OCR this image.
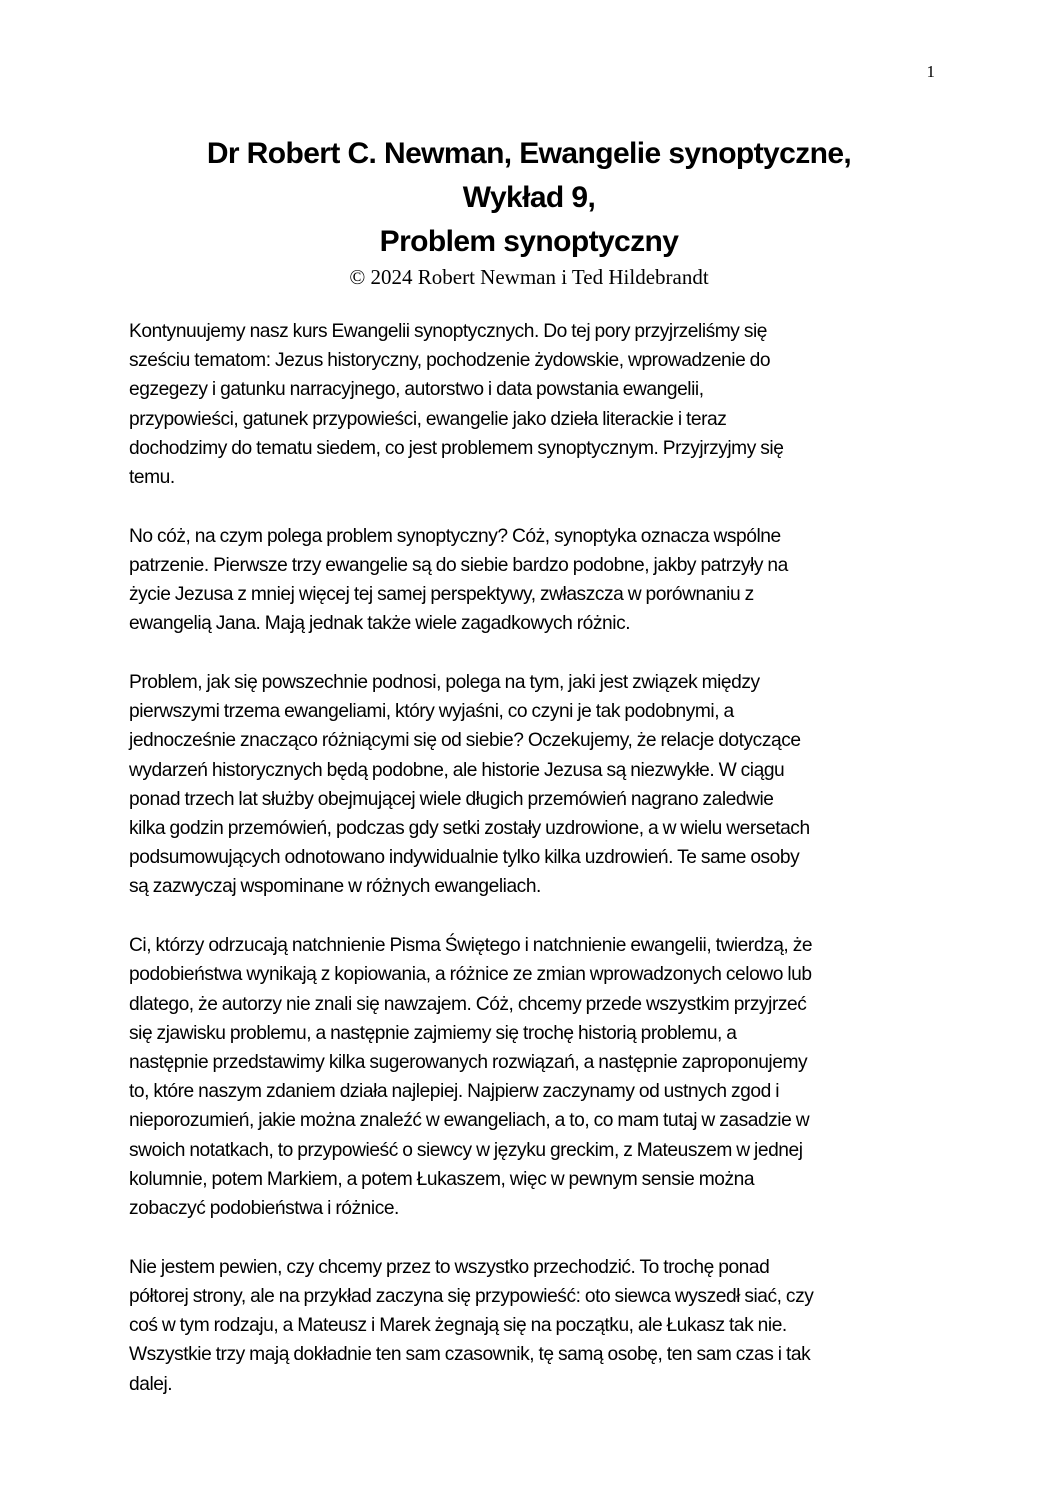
1
Dr Robert C. Newman, Ewangelie synoptyczne,
Wykład 9,
Problem synoptyczny
© 2024 Robert Newman i Ted Hildebrandt

Kontynuujemy nasz kurs Ewangelii synoptycznych. Do tej pory przyjrzeliśmy się
sześciu tematom: Jezus historyczny, pochodzenie żydowskie, wprowadzenie do
egzegezy i gatunku narracyjnego, autorstwo i data powstania ewangelii,
przypowieści, gatunek przypowieści, ewangelie jako dzieła literackie i teraz
dochodzimy do tematu siedem, co jest problemem synoptycznym. Przyjrzyjmy się
temu.

No cóż, na czym polega problem synoptyczny? Cóż, synoptyka oznacza wspólne
patrzenie. Pierwsze trzy ewangelie są do siebie bardzo podobne, jakby patrzyły na
życie Jezusa z mniej więcej tej samej perspektywy, zwłaszcza w porównaniu z
ewangelią Jana. Mają jednak także wiele zagadkowych różnic.

Problem, jak się powszechnie podnosi, polega na tym, jaki jest związek między
pierwszymi trzema ewangeliami, który wyjaśni, co czyni je tak podobnymi, a
jednocześnie znacząco różniącymi się od siebie? Oczekujemy, że relacje dotyczące
wydarzeń historycznych będą podobne, ale historie Jezusa są niezwykłe. W ciągu
ponad trzech lat służby obejmującej wiele długich przemówień nagrano zaledwie
kilka godzin przemówień, podczas gdy setki zostały uzdrowione, a w wielu wersetach
podsumowujących odnotowano indywidualnie tylko kilka uzdrowień. Te same osoby
są zazwyczaj wspominane w różnych ewangeliach.

Ci, którzy odrzucają natchnienie Pisma Świętego i natchnienie ewangelii, twierdzą, że
podobieństwa wynikają z kopiowania, a różnice ze zmian wprowadzonych celowo lub
dlatego, że autorzy nie znali się nawzajem. Cóż, chcemy przede wszystkim przyjrzeć
się zjawisku problemu, a następnie zajmiemy się trochę historią problemu, a
następnie przedstawimy kilka sugerowanych rozwiązań, a następnie zaproponujemy
to, które naszym zdaniem działa najlepiej. Najpierw zaczynamy od ustnych zgod i
nieporozumień, jakie można znaleźć w ewangeliach, a to, co mam tutaj w zasadzie w
swoich notatkach, to przypowieść o siewcy w języku greckim, z Mateuszem w jednej
kolumnie, potem Markiem, a potem Łukaszem, więc w pewnym sensie można
zobaczyć podobieństwa i różnice.

Nie jestem pewien, czy chcemy przez to wszystko przechodzić. To trochę ponad
półtorej strony, ale na przykład zaczyna się przypowieść: oto siewca wyszedł siać, czy
coś w tym rodzaju, a Mateusz i Marek żegnają się na początku, ale Łukasz tak nie.
Wszystkie trzy mają dokładnie ten sam czasownik, tę samą osobę, ten sam czas i tak
dalej.
